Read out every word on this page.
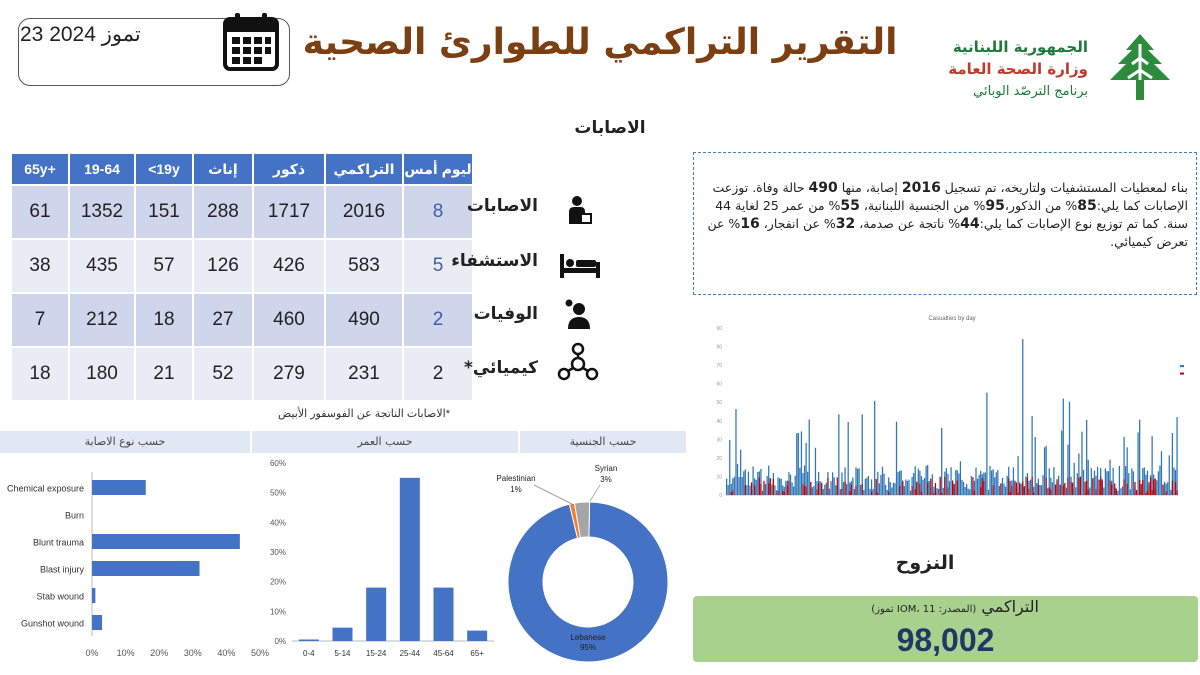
23 تموز 2024	التقرير التراكمي للطوارئ الصحية	الجمهورية اللبنانية
وزارة الصحة العامة
برنامج الترصّد الوبائي
الاصابات
65y+	19-64	<19y	إناث	ذكور	التراكمي	ليوم أمس
61	1352	151	288	1717	2016	8
38	435	57	126	426	583	5
7	212	18	27	460	490	2
18	180	21	52	279	231	2
الاصابات
الاستشفاء
الوفيات
كيميائي*
*الاصابات الناتجة عن الفوسفور الأبيض
بناء لمعطيات المستشفيات ولتاريخه، تم تسجيل 2016 إصابة، منها 490 حالة وفاة. توزعت الإصابات كما يلي:85% من الذكور،95% من الجنسية اللبنانية، 55% من عمر 25 لغاية 44 سنة. كما تم توزيع نوع الإصابات كما يلي:44% ناتجة عن صدمة، 32% عن انفجار، 16% عن تعرض كيميائي.
حسب نوع الاصابة	حسب العمر	حسب الجنسية
Chemical exposure
Burn
Blunt trauma
Blast injury
Stab wound
Gunshot wound
0% 10% 20% 30% 40% 50%
0%
10%
20%
30%
40%
50%
60%
0-4 5-14 15-24 25-44 45-64 65+
Lebanese
95%
Palestinian
1%
Syrian
3%
Casualties by day
0
10
20
30
40
50
60
70
80
90
النزوح
التراكمي (المصدر: IOM، 11 تموز)
98,002
